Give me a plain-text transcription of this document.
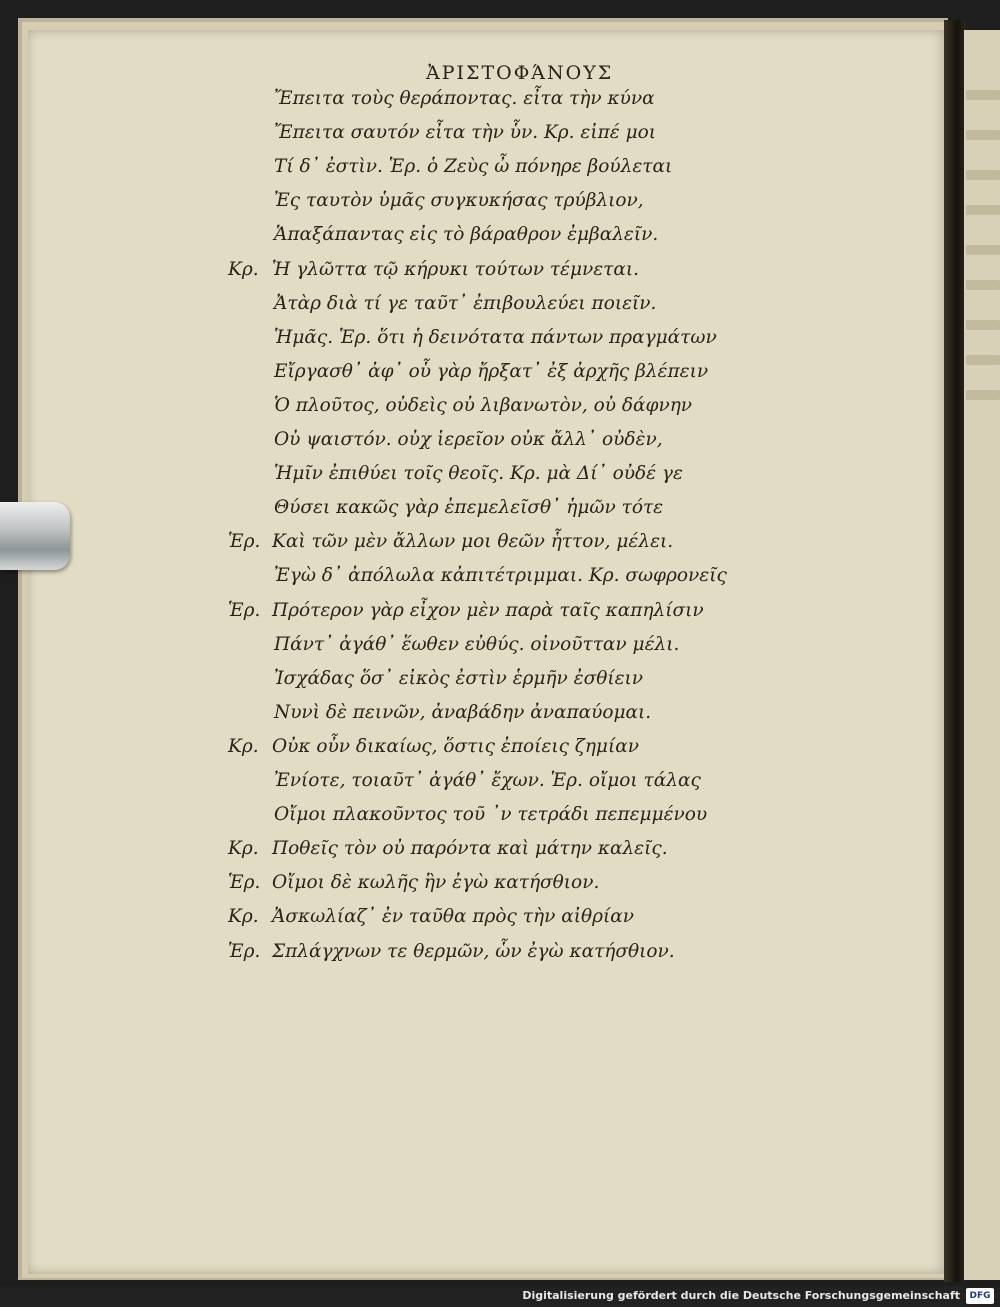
ἈΡΙΣΤΟΦΆΝΟΥΣ
Ἔπειτα τοὺς θεράποντας. εἶτα τὴν κύνα
Ἔπειτα σαυτόν εἶτα τὴν ὗν. Κρ. εἰπέ μοι
Τί δ᾽ ἐστὶν. Ἑρ. ὁ Ζεὺς ὦ πόνηρε βούλεται
Ἐς ταυτὸν ὑμᾶς συγκυκήσας τρύβλιον,
Ἁπαξάπαντας εἰς τὸ βάραθρον ἐμβαλεῖν.
Κρ. Ἡ γλῶττα τῷ κήρυκι τούτων τέμνεται.
Ἀτὰρ διὰ τί γε ταῦτ᾽ ἐπιβουλεύει ποιεῖν.
Ἡμᾶς. Ἑρ. ὅτι ἡ δεινότατα πάντων πραγμάτων
Εἴργασθ᾽ ἀφ᾽ οὗ γὰρ ἤρξατ᾽ ἐξ ἀρχῆς βλέπειν
Ὁ πλοῦτος, οὐδεὶς οὐ λιβανωτὸν, οὐ δάφνην
Οὐ ψαιστόν. οὐχ ἱερεῖον οὐκ ἄλλ᾽ οὐδὲν,
Ἡμῖν ἐπιθύει τοῖς θεοῖς. Κρ. μὰ Δί᾽ οὐδέ γε
Θύσει κακῶς γὰρ ἐπεμελεῖσθ᾽ ἡμῶν τότε
Ἑρ. Καὶ τῶν μὲν ἄλλων μοι θεῶν ἧττον, μέλει.
Ἐγὼ δ᾽ ἀπόλωλα κἀπιτέτριμμαι. Κρ. σωφρονεῖς
Ἑρ. Πρότερον γὰρ εἶχον μὲν παρὰ ταῖς καπηλίσιν
Πάντ᾽ ἀγάθ᾽ ἕωθεν εὐθύς. οἰνοῦτταν μέλι.
Ἰσχάδας ὅσ᾽ εἰκὸς ἐστὶν ἑρμῆν ἐσθίειν
Νυνὶ δὲ πεινῶν, ἀναβάδην ἀναπαύομαι.
Κρ. Οὐκ οὖν δικαίως, ὅστις ἐποίεις ζημίαν
Ἐνίοτε, τοιαῦτ᾽ ἀγάθ᾽ ἔχων. Ἑρ. οἴμοι τάλας
Οἴμοι πλακοῦντος τοῦ ᾽ν τετράδι πεπεμμένου
Κρ. Ποθεῖς τὸν οὐ παρόντα καὶ μάτην καλεῖς.
Ἑρ. Οἴμοι δὲ κωλῆς ἣν ἐγὼ κατήσθιον.
Κρ. Ἀσκωλίαζ᾽ ἐν ταῦθα πρὸς τὴν αἰθρίαν
Ἑρ. Σπλάγχνων τε θερμῶν, ὧν ἐγὼ κατήσθιον.
Digitalisierung gefördert durch die Deutsche Forschungsgemeinschaft	DFG
